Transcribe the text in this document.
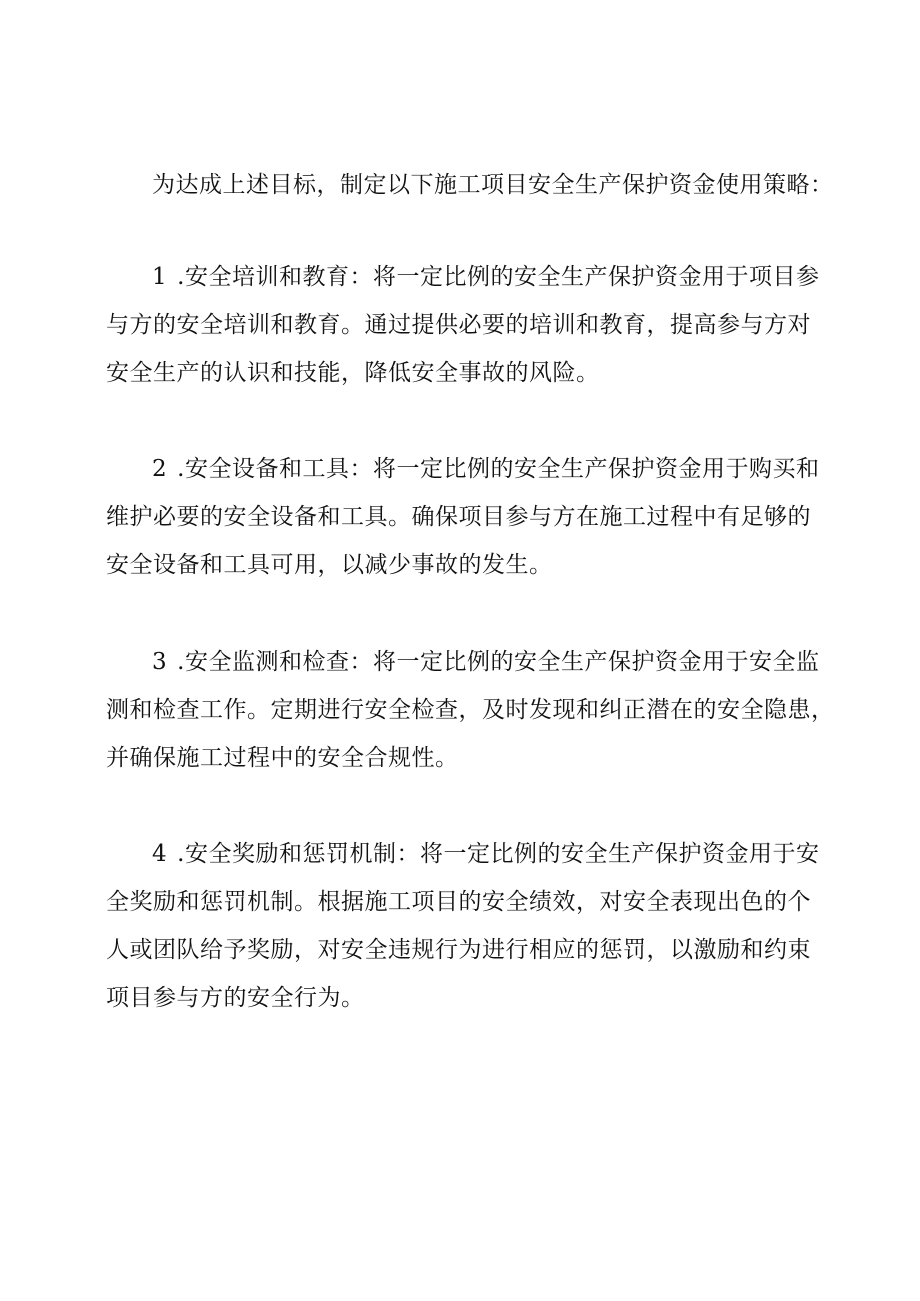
为达成上述目标，制定以下施工项目安全生产保护资金使用策略：
1 .安全培训和教育：将一定比例的安全生产保护资金用于项目参
与方的安全培训和教育。通过提供必要的培训和教育，提高参与方对
安全生产的认识和技能，降低安全事故的风险。
2 .安全设备和工具：将一定比例的安全生产保护资金用于购买和
维护必要的安全设备和工具。确保项目参与方在施工过程中有足够的
安全设备和工具可用，以减少事故的发生。
3 .安全监测和检查：将一定比例的安全生产保护资金用于安全监
测和检查工作。定期进行安全检查，及时发现和纠正潜在的安全隐患，
并确保施工过程中的安全合规性。
4 .安全奖励和惩罚机制：将一定比例的安全生产保护资金用于安
全奖励和惩罚机制。根据施工项目的安全绩效，对安全表现出色的个
人或团队给予奖励，对安全违规行为进行相应的惩罚，以激励和约束
项目参与方的安全行为。
